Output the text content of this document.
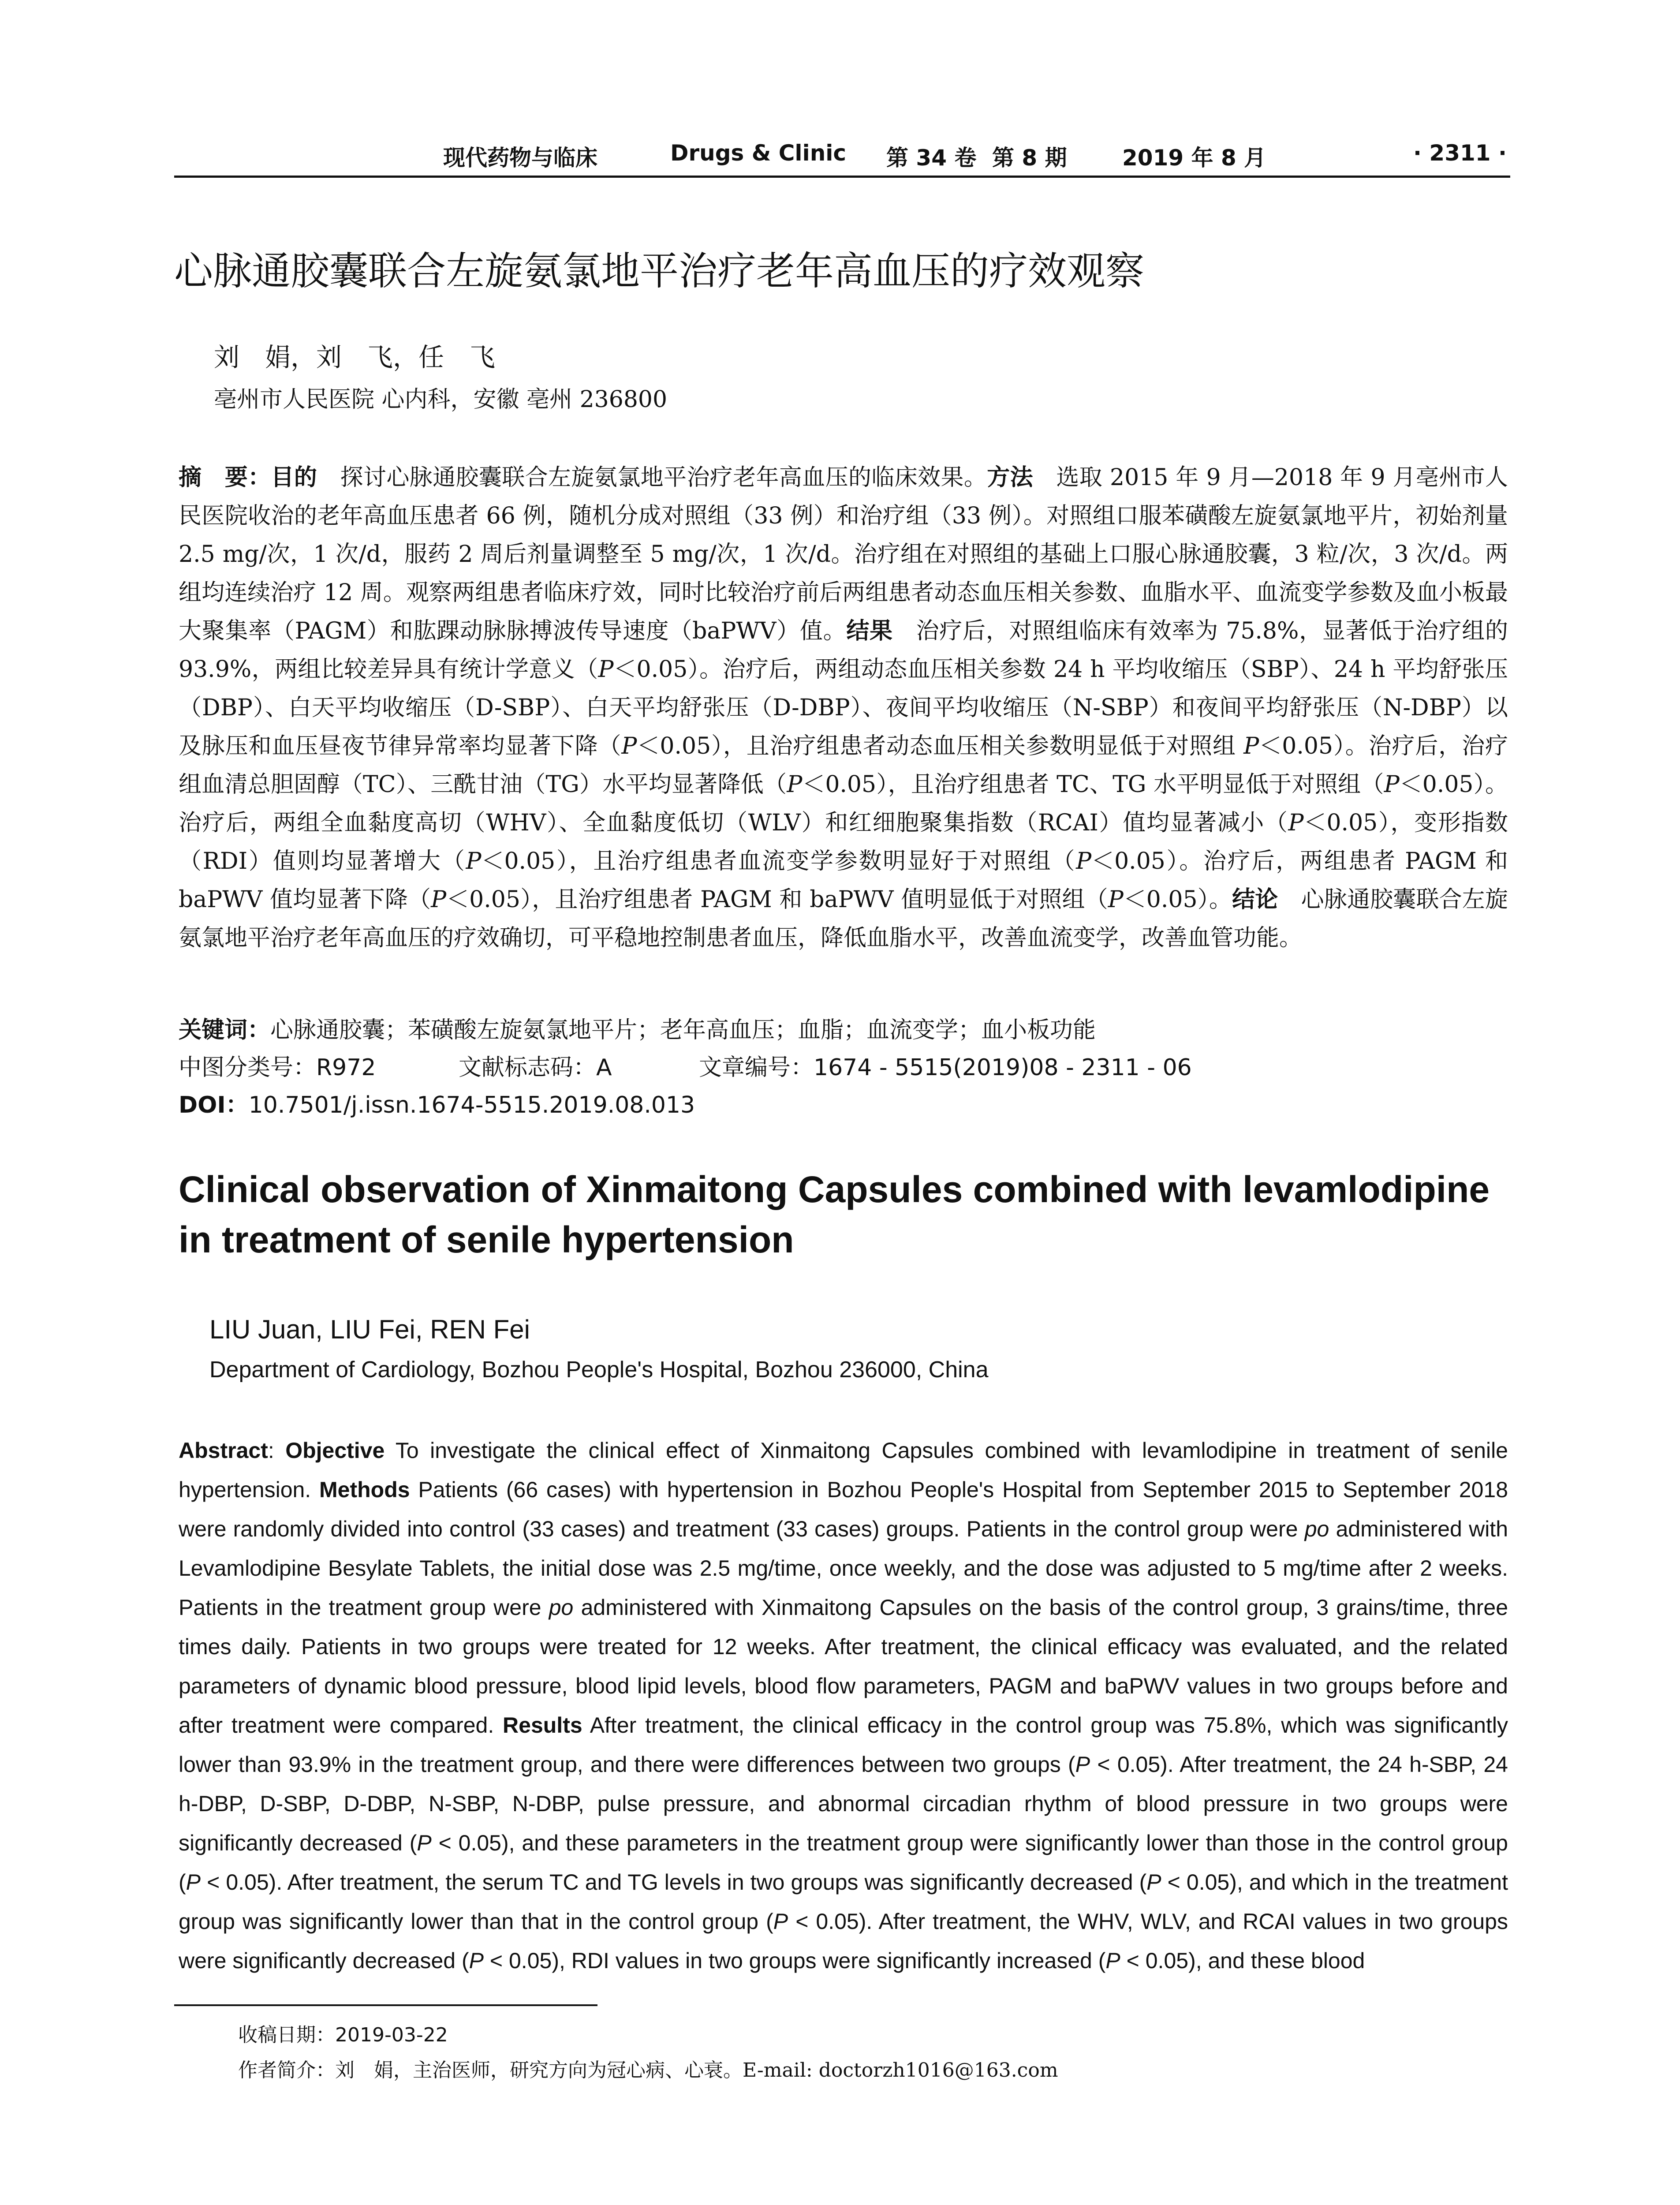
现代药物与临床	Drugs & Clinic 第 34 卷 第 8 期	2019 年 8 月	· 2311 ·
心脉通胶囊联合左旋氨氯地平治疗老年高血压的疗效观察
刘　娟，刘　飞，任　飞
亳州市人民医院 心内科，安徽 亳州 236800
摘　要：目的　探讨心脉通胶囊联合左旋氨氯地平治疗老年高血压的临床效果。方法　选取 2015 年 9 月—2018 年 9 月亳州市人民医院收治的老年高血压患者 66 例，随机分成对照组（33 例）和治疗组（33 例）。对照组口服苯磺酸左旋氨氯地平片，初始剂量 2.5 mg/次，1 次/d，服药 2 周后剂量调整至 5 mg/次，1 次/d。治疗组在对照组的基础上口服心脉通胶囊，3 粒/次，3 次/d。两组均连续治疗 12 周。观察两组患者临床疗效，同时比较治疗前后两组患者动态血压相关参数、血脂水平、血流变学参数及血小板最大聚集率（PAGM）和肱踝动脉脉搏波传导速度（baPWV）值。结果　治疗后，对照组临床有效率为 75.8%，显著低于治疗组的 93.9%，两组比较差异具有统计学意义（P＜0.05）。治疗后，两组动态血压相关参数 24 h 平均收缩压（SBP）、24 h 平均舒张压（DBP）、白天平均收缩压（D-SBP）、白天平均舒张压（D-DBP）、夜间平均收缩压（N-SBP）和夜间平均舒张压（N-DBP）以及脉压和血压昼夜节律异常率均显著下降（P＜0.05），且治疗组患者动态血压相关参数明显低于对照组 P＜0.05）。治疗后，治疗组血清总胆固醇（TC）、三酰甘油（TG）水平均显著降低（P＜0.05），且治疗组患者 TC、TG 水平明显低于对照组（P＜0.05）。治疗后，两组全血黏度高切（WHV）、全血黏度低切（WLV）和红细胞聚集指数（RCAI）值均显著减小（P＜0.05），变形指数（RDI）值则均显著增大（P＜0.05），且治疗组患者血流变学参数明显好于对照组（P＜0.05）。治疗后，两组患者 PAGM 和 baPWV 值均显著下降（P＜0.05），且治疗组患者 PAGM 和 baPWV 值明显低于对照组（P＜0.05）。结论　心脉通胶囊联合左旋氨氯地平治疗老年高血压的疗效确切，可平稳地控制患者血压，降低血脂水平，改善血流变学，改善血管功能。
关键词：心脉通胶囊；苯磺酸左旋氨氯地平片；老年高血压；血脂；血流变学；血小板功能
中图分类号：R972	文献标志码：A	文章编号：1674 - 5515(2019)08 - 2311 - 06
DOI：10.7501/j.issn.1674-5515.2019.08.013
Clinical observation of Xinmaitong Capsules combined with levamlodipine in treatment of senile hypertension
LIU Juan, LIU Fei, REN Fei
Department of Cardiology, Bozhou People's Hospital, Bozhou 236000, China
Abstract: Objective To investigate the clinical effect of Xinmaitong Capsules combined with levamlodipine in treatment of senile hypertension. Methods Patients (66 cases) with hypertension in Bozhou People's Hospital from September 2015 to September 2018 were randomly divided into control (33 cases) and treatment (33 cases) groups. Patients in the control group were po administered with Levamlodipine Besylate Tablets, the initial dose was 2.5 mg/time, once weekly, and the dose was adjusted to 5 mg/time after 2 weeks. Patients in the treatment group were po administered with Xinmaitong Capsules on the basis of the control group, 3 grains/time, three times daily. Patients in two groups were treated for 12 weeks. After treatment, the clinical efficacy was evaluated, and the related parameters of dynamic blood pressure, blood lipid levels, blood flow parameters, PAGM and baPWV values in two groups before and after treatment were compared. Results After treatment, the clinical efficacy in the control group was 75.8%, which was significantly lower than 93.9% in the treatment group, and there were differences between two groups (P < 0.05). After treatment, the 24 h-SBP, 24 h-DBP, D-SBP, D-DBP, N-SBP, N-DBP, pulse pressure, and abnormal circadian rhythm of blood pressure in two groups were significantly decreased (P < 0.05), and these parameters in the treatment group were significantly lower than those in the control group (P < 0.05). After treatment, the serum TC and TG levels in two groups was significantly decreased (P < 0.05), and which in the treatment group was significantly lower than that in the control group (P < 0.05). After treatment, the WHV, WLV, and RCAI values in two groups were significantly decreased (P < 0.05), RDI values in two groups were significantly increased (P < 0.05), and these blood
收稿日期：2019-03-22
作者简介：刘　娟，主治医师，研究方向为冠心病、心衰。E-mail: doctorzh1016@163.com
